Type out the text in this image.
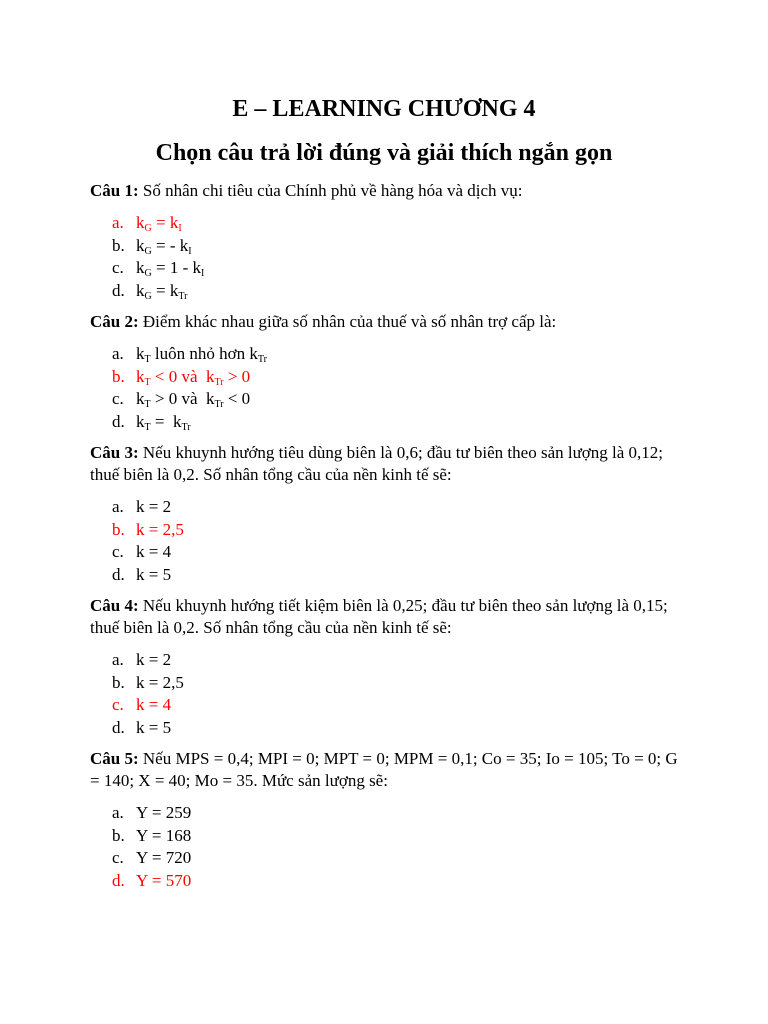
E – LEARNING CHƯƠNG 4
Chọn câu trả lời đúng và giải thích ngắn gọn

Câu 1: Số nhân chi tiêu của Chính phủ về hàng hóa và dịch vụ:

a. $k_G = k_I$
b. $k_G$ = - $k_I$
c. $k_G = 1 - k_I$
d. $k_G = k_{Tr}$

Câu 2: Điểm khác nhau giữa số nhân của thuế và số nhân trợ cấp là:

a. $k_T$ luôn nhỏ hơn $k_{Tr}$
b. $k_T < 0$ và  $k_{Tr} > 0$
c. $k_T > 0$ và  $k_{Tr} < 0$
d. $k_T = k_{Tr}$

Câu 3: Nếu khuynh hướng tiêu dùng biên là 0,6; đầu tư biên theo sản lượng là 0,12; thuế biên là 0,2. Số nhân tổng cầu của nền kinh tế sẽ:

a. k = 2
b. k = 2,5
c. k = 4
d. k = 5

Câu 4: Nếu khuynh hướng tiết kiệm biên là 0,25; đầu tư biên theo sản lượng là 0,15; thuế biên là 0,2. Số nhân tổng cầu của nền kinh tế sẽ:

a. k = 2
b. k = 2,5
c. k = 4
d. k = 5

Câu 5: Nếu MPS = 0,4; MPI = 0; MPT = 0; MPM = 0,1; Co = 35; Io = 105; To = 0; G = 140; X = 40; Mo = 35. Mức sản lượng sẽ:

a. Y = 259
b. Y = 168
c. Y = 720
d. Y = 570
